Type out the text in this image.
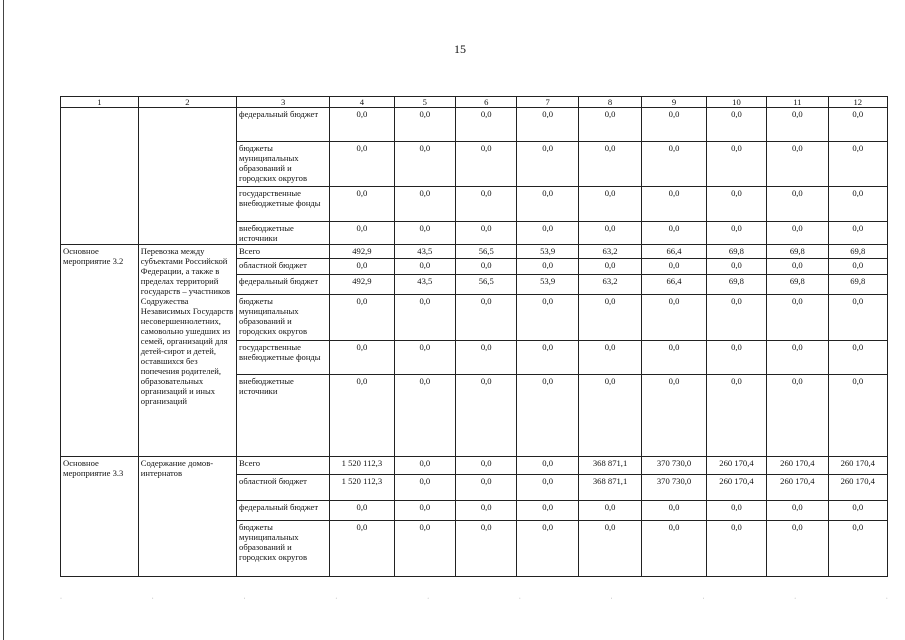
15
1	2	3	4	5	6	7	8	9	10	11	12
		федеральный бюджет	0,0	0,0	0,0	0,0	0,0	0,0	0,0	0,0	0,0
		бюджеты муниципальных образований и городских округов	0,0	0,0	0,0	0,0	0,0	0,0	0,0	0,0	0,0
		государственные внебюджетные фонды	0,0	0,0	0,0	0,0	0,0	0,0	0,0	0,0	0,0
		внебюджетные источники	0,0	0,0	0,0	0,0	0,0	0,0	0,0	0,0	0,0
Основное мероприятие 3.2	Перевозка между субъектами Российской Федерации, а также в пределах территорий государств – участников Содружества Независимых Государств несовершеннолетних, самовольно ушедших из семей, организаций для детей-сирот и детей, оставшихся без попечения родителей, образовательных организаций и иных организаций	Всего	492,9	43,5	56,5	53,9	63,2	66,4	69,8	69,8	69,8
		областной бюджет	0,0	0,0	0,0	0,0	0,0	0,0	0,0	0,0	0,0
		федеральный бюджет	492,9	43,5	56,5	53,9	63,2	66,4	69,8	69,8	69,8
		бюджеты муниципальных образований и городских округов	0,0	0,0	0,0	0,0	0,0	0,0	0,0	0,0	0,0
		государственные внебюджетные фонды	0,0	0,0	0,0	0,0	0,0	0,0	0,0	0,0	0,0
		внебюджетные источники	0,0	0,0	0,0	0,0	0,0	0,0	0,0	0,0	0,0
Основное мероприятие 3.3	Содержание домов-интернатов	Всего	1 520 112,3	0,0	0,0	0,0	368 871,1	370 730,0	260 170,4	260 170,4	260 170,4
		областной бюджет	1 520 112,3	0,0	0,0	0,0	368 871,1	370 730,0	260 170,4	260 170,4	260 170,4
		федеральный бюджет	0,0	0,0	0,0	0,0	0,0	0,0	0,0	0,0	0,0
		бюджеты муниципальных образований и городских округов	0,0	0,0	0,0	0,0	0,0	0,0	0,0	0,0	0,0
·	·	·	·	·	·	·	·	·	·
